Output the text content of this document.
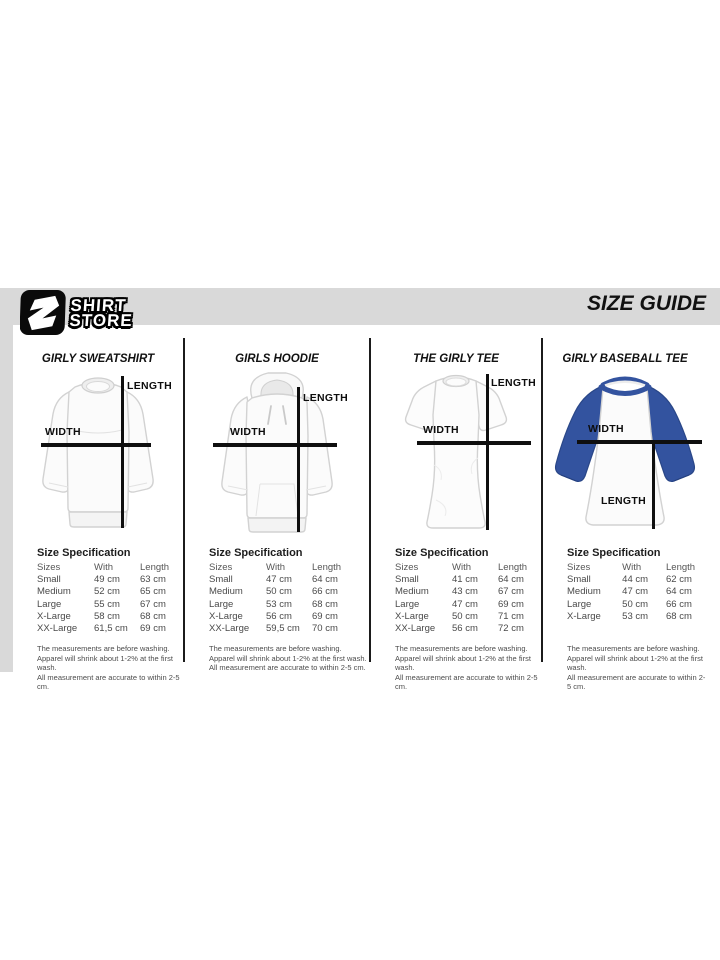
SHIRT
STORE
SIZE GUIDE
GIRLY SWEATSHIRT
LENGTH
WIDTH
Size Specification
Sizes	With	Length
Small	49 cm	63 cm
Medium	52 cm	65 cm
Large	55 cm	67 cm
X-Large	58 cm	68 cm
XX-Large	61,5 cm	69 cm
The measurements are before washing.
Apparel will shrink about 1-2% at the first wash.
All measurement are accurate to within 2-5 cm.
GIRLS HOODIE
LENGTH
WIDTH
Size Specification
Sizes	With	Length
Small	47 cm	64 cm
Medium	50 cm	66 cm
Large	53 cm	68 cm
X-Large	56 cm	69 cm
XX-Large	59,5 cm	70 cm
The measurements are before washing.
Apparel will shrink about 1-2% at the first wash.
All measurement are accurate to within 2-5 cm.
THE GIRLY TEE
LENGTH
WIDTH
Size Specification
Sizes	With	Length
Small	41 cm	64 cm
Medium	43 cm	67 cm
Large	47 cm	69 cm
X-Large	50 cm	71 cm
XX-Large	56 cm	72 cm
The measurements are before washing.
Apparel will shrink about 1-2% at the first wash.
All measurement are accurate to within 2-5 cm.
GIRLY BASEBALL TEE
WIDTH
LENGTH
Size Specification
Sizes	With	Length
Small	44 cm	62 cm
Medium	47 cm	64 cm
Large	50 cm	66 cm
X-Large	53 cm	68 cm
The measurements are before washing.
Apparel will shrink about 1-2% at the first wash.
All measurement are accurate to within 2-5 cm.
